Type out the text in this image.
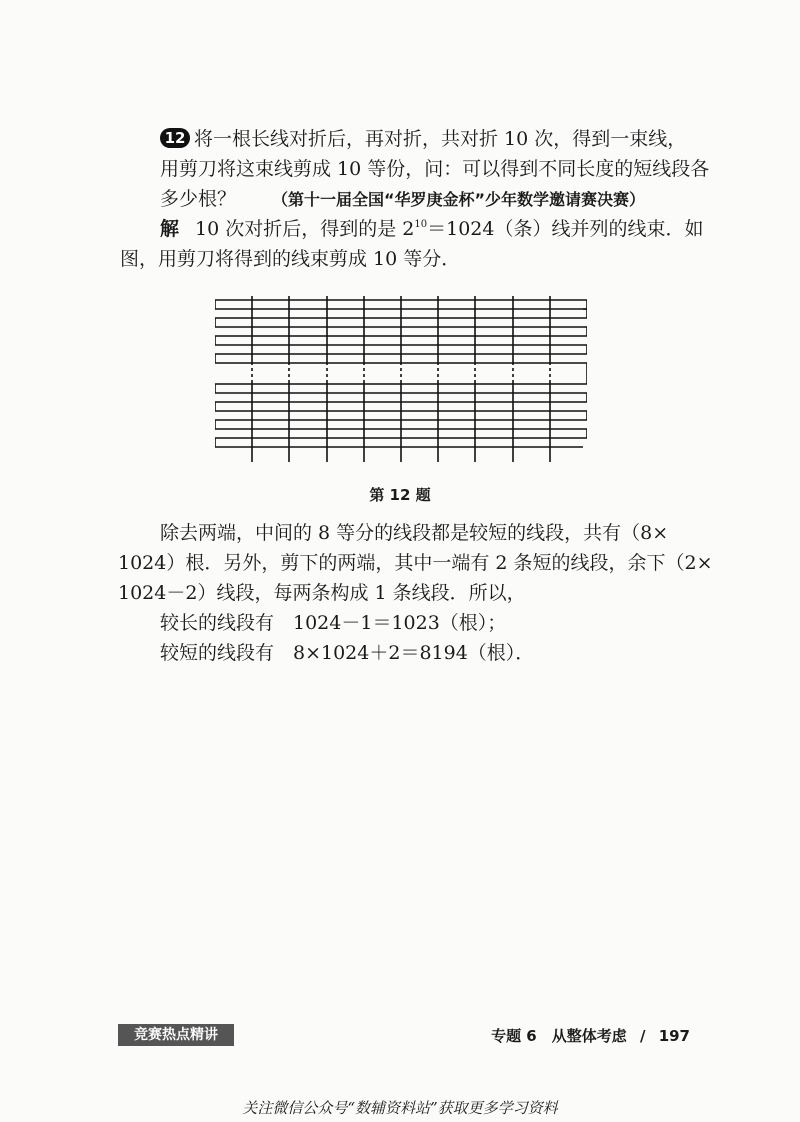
12 将一根长线对折后，再对折，共对折 10 次，得到一束线，
用剪刀将这束线剪成 10 等份，问：可以得到不同长度的短线段各
多少根？ （第十一届全国“华罗庚金杯”少年数学邀请赛决赛）
解 10 次对折后，得到的是 $2^{10}=1024$（条）线并列的线束．如
图，用剪刀将得到的线束剪成 10 等分．
第 12 题
除去两端，中间的 8 等分的线段都是较短的线段，共有（8×
1024）根．另外，剪下的两端，其中一端有 2 条短的线段，余下（2×
1024－2）线段，每两条构成 1 条线段．所以，
较长的线段有　1024－1＝1023（根）；
较短的线段有　8×1024＋2＝8194（根）．
竞赛热点精讲	专题 6　从整体考虑 / 197
关注微信公众号“数辅资料站”获取更多学习资料
